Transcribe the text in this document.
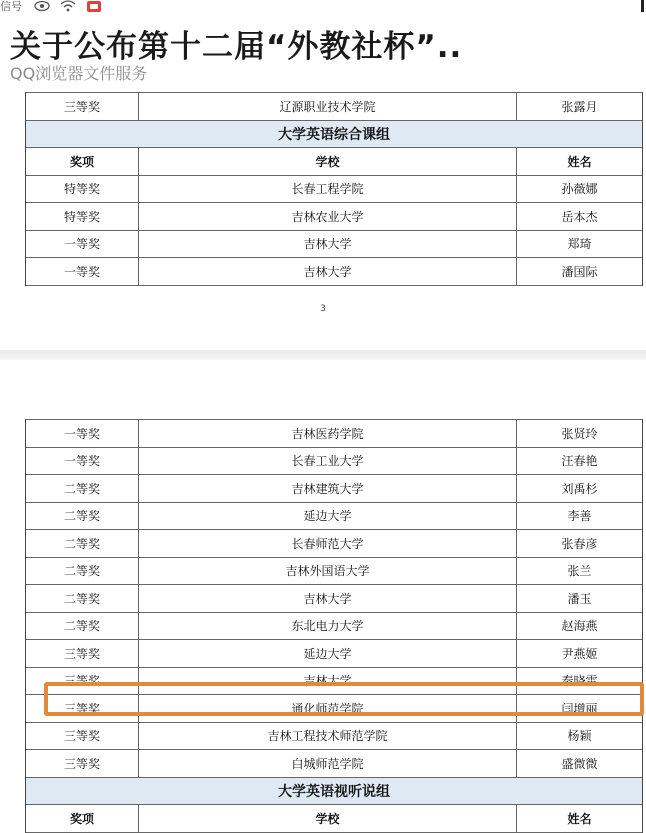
信号
关于公布第十二届“外教社杯”..
QQ浏览器文件服务
三等奖	辽源职业技术学院	张露月
大学英语综合课组
奖项	学校	姓名
特等奖	长春工程学院	孙薇娜
特等奖	吉林农业大学	岳本杰
一等奖	吉林大学	郑琦
一等奖	吉林大学	潘国际
3
一等奖	吉林医药学院	张贤玲
一等奖	长春工业大学	汪春艳
二等奖	吉林建筑大学	刘禹杉
二等奖	延边大学	李善
二等奖	长春师范大学	张春彦
二等奖	吉林外国语大学	张兰
二等奖	吉林大学	潘玉
二等奖	东北电力大学	赵海燕
三等奖	延边大学	尹燕姬
三等奖	吉林大学	秦晓雷
三等奖	通化师范学院	闫增丽
三等奖	吉林工程技术师范学院	杨颖
三等奖	白城师范学院	盛微微
大学英语视听说组
奖项	学校	姓名
